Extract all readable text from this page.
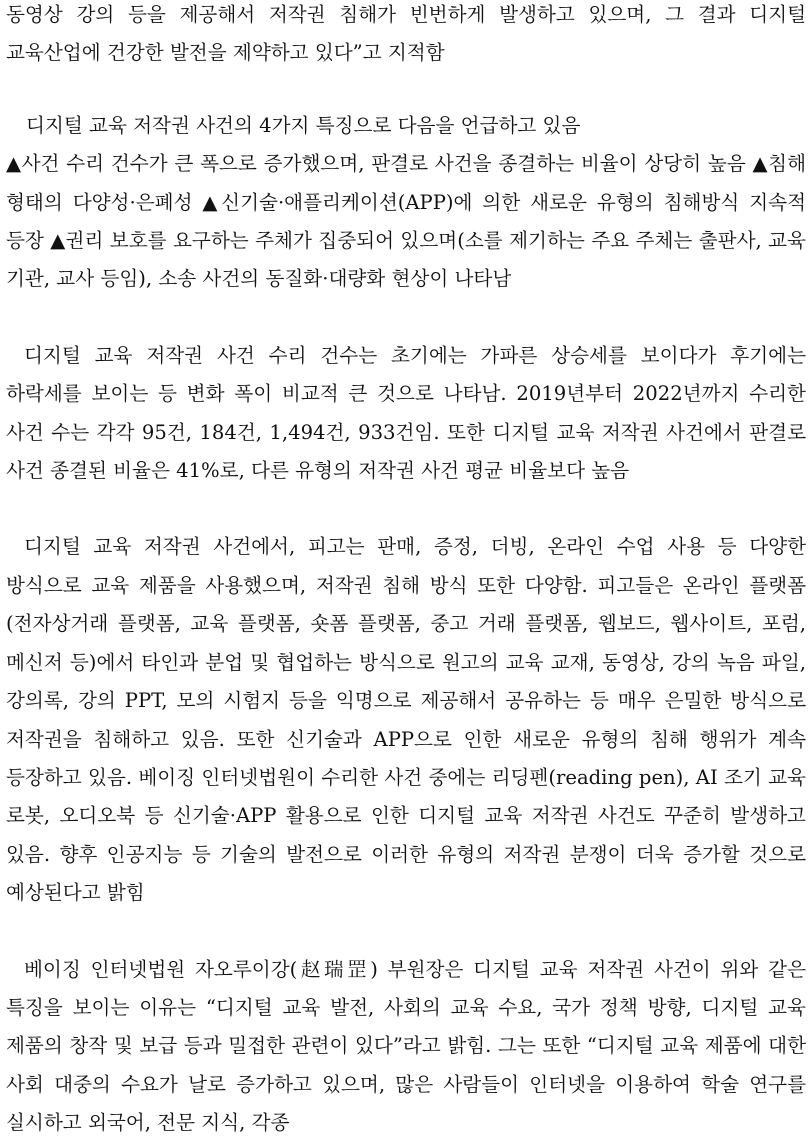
동영상 강의 등을 제공해서 저작권 침해가 빈번하게 발생하고 있으며, 그 결과 디지털 교육산업에 건강한 발전을 제약하고 있다”고 지적함

디지털 교육 저작권 사건의 4가지 특징으로 다음을 언급하고 있음

▲사건 수리 건수가 큰 폭으로 증가했으며, 판결로 사건을 종결하는 비율이 상당히 높음 ▲침해 형태의 다양성·은폐성 ▲신기술·애플리케이션(APP)에 의한 새로운 유형의 침해방식 지속적 등장 ▲권리 보호를 요구하는 주체가 집중되어 있으며(소를 제기하는 주요 주체는 출판사, 교육 기관, 교사 등임), 소송 사건의 동질화·대량화 현상이 나타남

디지털 교육 저작권 사건 수리 건수는 초기에는 가파른 상승세를 보이다가 후기에는 하락세를 보이는 등 변화 폭이 비교적 큰 것으로 나타남. 2019년부터 2022년까지 수리한 사건 수는 각각 95건, 184건, 1,494건, 933건임. 또한 디지털 교육 저작권 사건에서 판결로 사건 종결된 비율은 41%로, 다른 유형의 저작권 사건 평균 비율보다 높음

디지털 교육 저작권 사건에서, 피고는 판매, 증정, 더빙, 온라인 수업 사용 등 다양한 방식으로 교육 제품을 사용했으며, 저작권 침해 방식 또한 다양함. 피고들은 온라인 플랫폼(전자상거래 플랫폼, 교육 플랫폼, 숏폼 플랫폼, 중고 거래 플랫폼, 웹보드, 웹사이트, 포럼, 메신저 등)에서 타인과 분업 및 협업하는 방식으로 원고의 교육 교재, 동영상, 강의 녹음 파일, 강의록, 강의 PPT, 모의 시험지 등을 익명으로 제공해서 공유하는 등 매우 은밀한 방식으로 저작권을 침해하고 있음. 또한 신기술과 APP으로 인한 새로운 유형의 침해 행위가 계속 등장하고 있음. 베이징 인터넷법원이 수리한 사건 중에는 리딩펜(reading pen), AI 조기 교육 로봇, 오디오북 등 신기술·APP 활용으로 인한 디지털 교육 저작권 사건도 꾸준히 발생하고 있음. 향후 인공지능 등 기술의 발전으로 이러한 유형의 저작권 분쟁이 더욱 증가할 것으로 예상된다고 밝힘

베이징 인터넷법원 자오루이강(赵瑞罡) 부원장은 디지털 교육 저작권 사건이 위와 같은 특징을 보이는 이유는 “디지털 교육 발전, 사회의 교육 수요, 국가 정책 방향, 디지털 교육 제품의 창작 및 보급 등과 밀접한 관련이 있다”라고 밝힘. 그는 또한 “디지털 교육 제품에 대한 사회 대중의 수요가 날로 증가하고 있으며, 많은 사람들이 인터넷을 이용하여 학술 연구를 실시하고 외국어, 전문 지식, 각종
